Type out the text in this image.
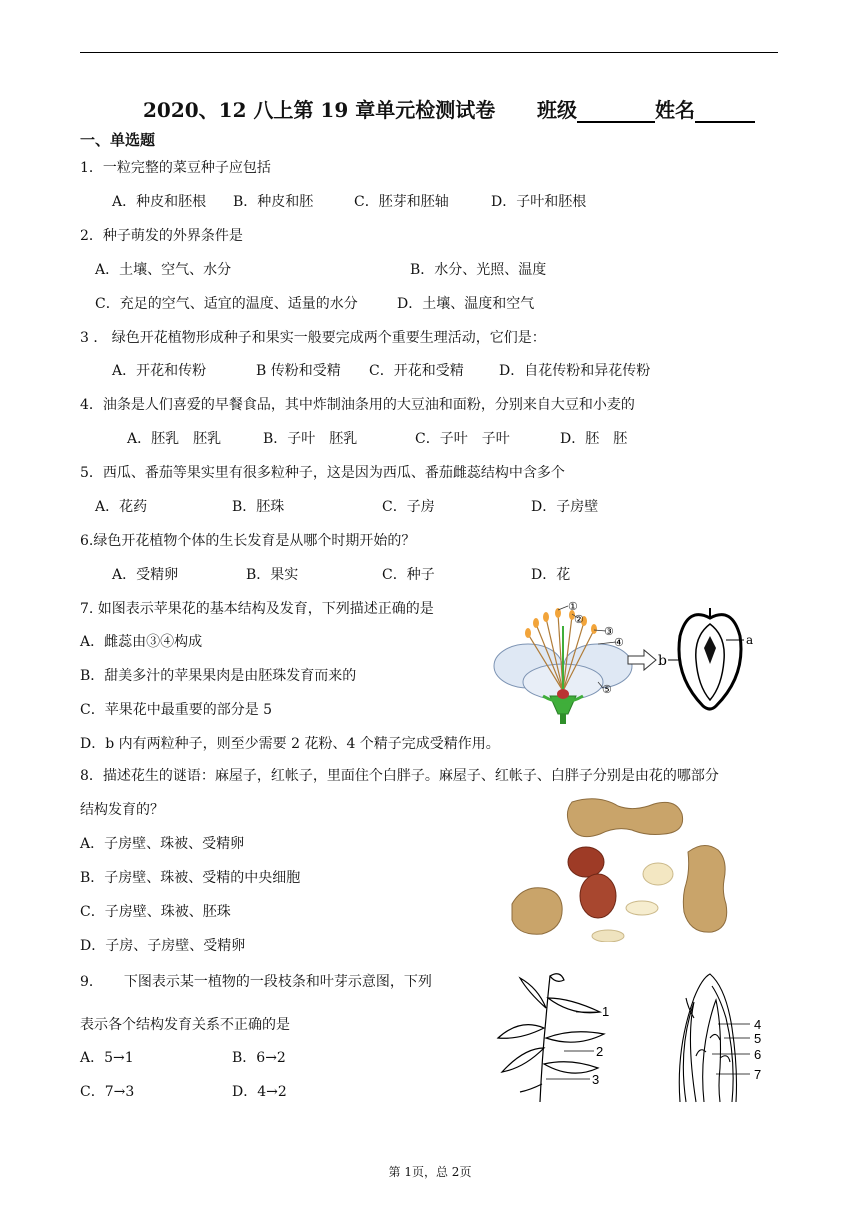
2020、12 八上第 19 章单元检测试卷 班级	姓名
一、单选题
1．一粒完整的菜豆种子应包括
A．种皮和胚根 B．种皮和胚	C．胚芽和胚轴	D．子叶和胚根
2．种子萌发的外界条件是
A．土壤、空气、水分	B．水分、光照、温度
C．充足的空气、适宜的温度、适量的水分	D．土壤、温度和空气
3 ． 绿色开花植物形成种子和果实一般要完成两个重要生理活动，它们是：
A．开花和传粉	B 传粉和受精 C．开花和受精	D．自花传粉和异花传粉
4．油条是人们喜爱的早餐食品，其中炸制油条用的大豆油和面粉，分别来自大豆和小麦的
A．胚乳　胚乳	B．子叶　胚乳	C．子叶　子叶	D．胚　胚
5．西瓜、番茄等果实里有很多粒种子，这是因为西瓜、番茄雌蕊结构中含多个
A．花药	B．胚珠	C．子房	D．子房壁
6.绿色开花植物个体的生长发育是从哪个时期开始的？
A．受精卵	B．果实	C．种子	D．花
7. 如图表示苹果花的基本结构及发育，下列描述正确的是
A．雌蕊由③④构成
B．甜美多汁的苹果果肉是由胚珠发育而来的
C．苹果花中最重要的部分是 5
D．b 内有两粒种子，则至少需要 2 花粉、4 个精子完成受精作用。
①
②
③
④
⑤
b
a
8．描述花生的谜语：麻屋子，红帐子，里面住个白胖子。麻屋子、红帐子、白胖子分别是由花的哪部分
结构发育的？
A．子房壁、珠被、受精卵
B．子房壁、珠被、受精的中央细胞
C．子房壁、珠被、胚珠
D．子房、子房壁、受精卵
9．　　下图表示某一植物的一段枝条和叶芽示意图，下列
表示各个结构发育关系不正确的是
A．5→1	B．6→2
C．7→3	D．4→2
1
2
3
4
5
6
7
第 1页，总 2页
